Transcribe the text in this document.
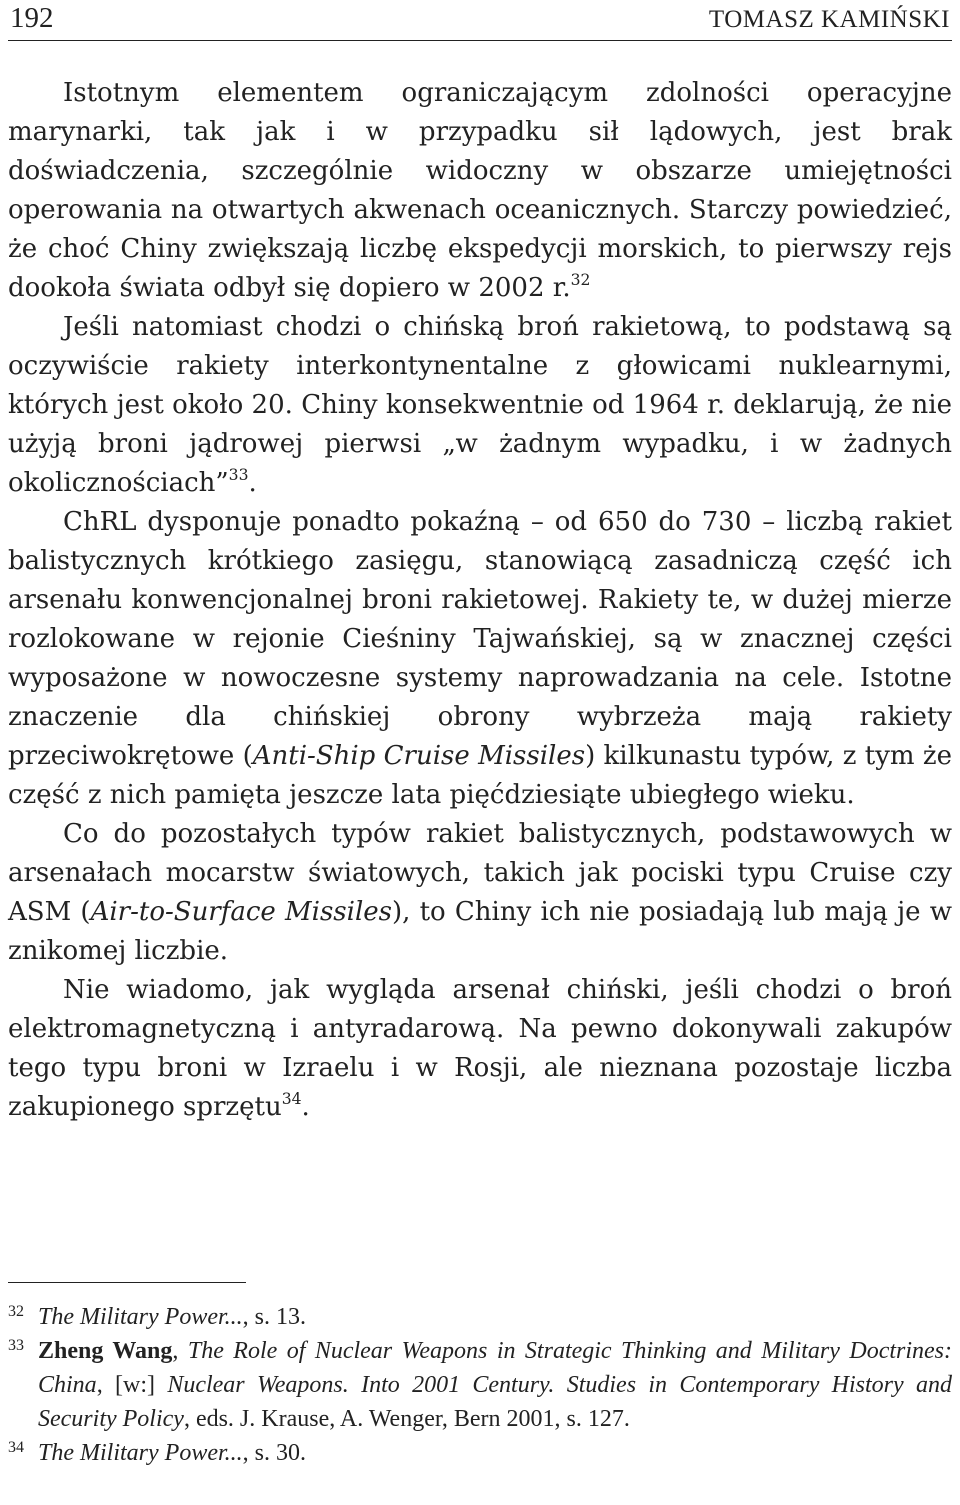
192	TOMASZ KAMIŃSKI

Istotnym elementem ograniczającym zdolności operacyjne marynarki, tak jak i w przypadku sił lądowych, jest brak doświadczenia, szczególnie widoczny w obszarze umiejętności operowania na otwartych akwenach oceanicznych. Starczy powiedzieć, że choć Chiny zwiększają liczbę ekspedycji morskich, to pierwszy rejs dookoła świata odbył się dopiero w 2002 r.$^{32}$

Jeśli natomiast chodzi o chińską broń rakietową, to podstawą są oczywiście rakiety interkontynentalne z głowicami nuklearnymi, których jest około 20. Chiny konsekwentnie od 1964 r. deklarują, że nie użyją broni jądrowej pierwsi „w żadnym wypadku, i w żadnych okolicznościach”$^{33}$.

ChRL dysponuje ponadto pokaźną – od 650 do 730 – liczbą rakiet balistycznych krótkiego zasięgu, stanowiącą zasadniczą część ich arsenału konwencjonalnej broni rakietowej. Rakiety te, w dużej mierze rozlokowane w rejonie Cieśniny Tajwańskiej, są w znacznej części wyposażone w nowoczesne systemy naprowadzania na cele. Istotne znaczenie dla chińskiej obrony wybrzeża mają rakiety przeciwokrętowe (Anti-Ship Cruise Missiles) kilkunastu typów, z tym że część z nich pamięta jeszcze lata pięćdziesiąte ubiegłego wieku.

Co do pozostałych typów rakiet balistycznych, podstawowych w arsenałach mocarstw światowych, takich jak pociski typu Cruise czy ASM (Air-to-Surface Missiles), to Chiny ich nie posiadają lub mają je w znikomej liczbie.

Nie wiadomo, jak wygląda arsenał chiński, jeśli chodzi o broń elektromagnetyczną i antyradarową. Na pewno dokonywali zakupów tego typu broni w Izraelu i w Rosji, ale nieznana pozostaje liczba zakupionego sprzętu$^{34}$.

32 The Military Power..., s. 13.
33 Zheng Wang, The Role of Nuclear Weapons in Strategic Thinking and Military Doctrines: China, [w:] Nuclear Weapons. Into 2001 Century. Studies in Contemporary History and Security Policy, eds. J. Krause, A. Wenger, Bern 2001, s. 127.
34 The Military Power..., s. 30.
